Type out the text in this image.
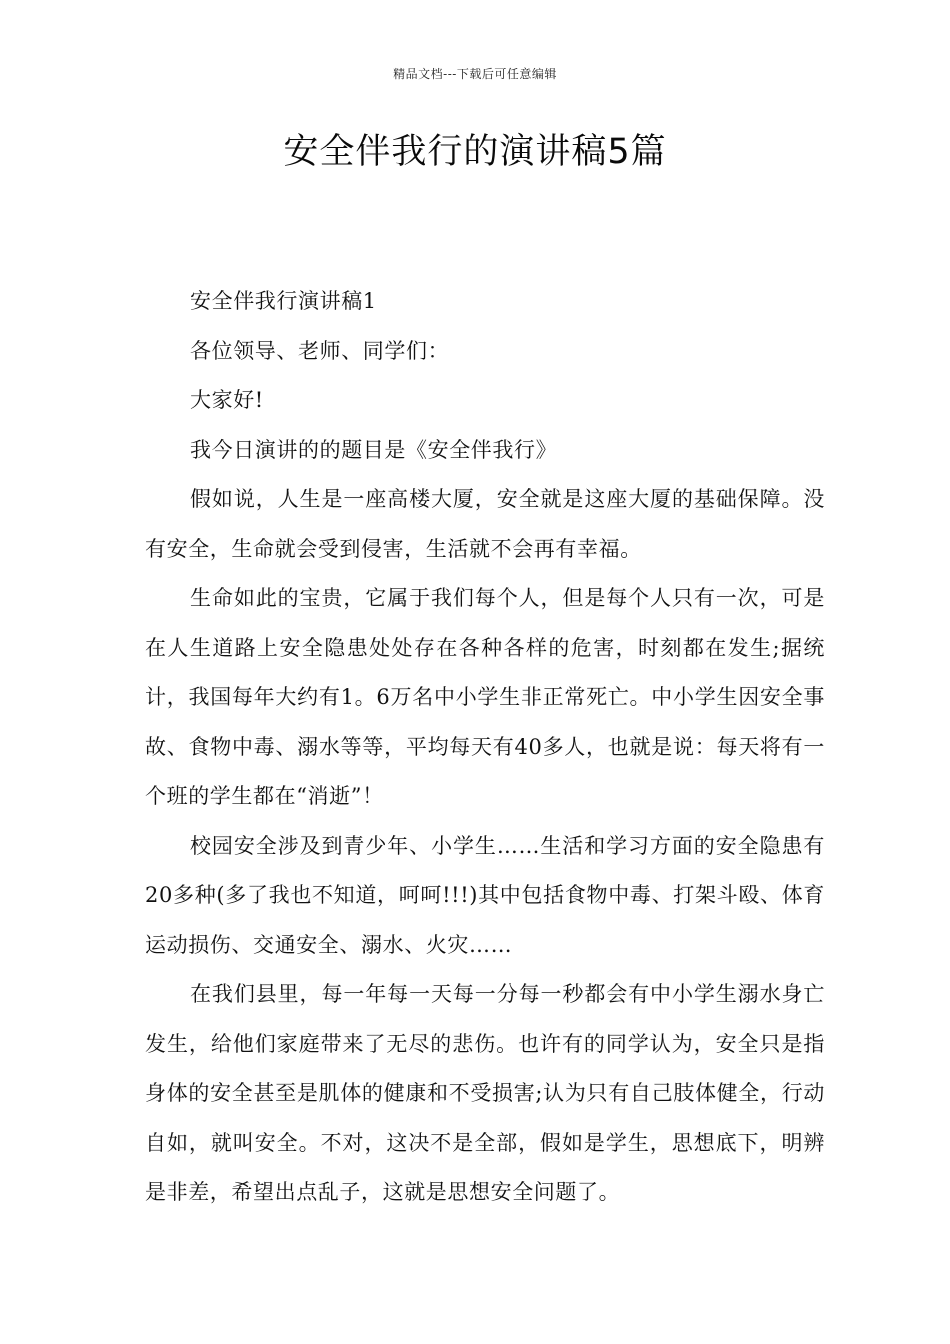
精品文档---下载后可任意编辑
安全伴我行的演讲稿5篇

安全伴我行演讲稿1

各位领导、老师、同学们：

大家好!

我今日演讲的的题目是《安全伴我行》

假如说，人生是一座高楼大厦，安全就是这座大厦的基础保障。没有安全，生命就会受到侵害，生活就不会再有幸福。

生命如此的宝贵，它属于我们每个人，但是每个人只有一次，可是在人生道路上安全隐患处处存在各种各样的危害，时刻都在发生;据统计，我国每年大约有1。6万名中小学生非正常死亡。中小学生因安全事故、食物中毒、溺水等等，平均每天有40多人，也就是说：每天将有一个班的学生都在“消逝”！

校园安全涉及到青少年、小学生……生活和学习方面的安全隐患有20多种(多了我也不知道，呵呵!!!)其中包括食物中毒、打架斗殴、体育运动损伤、交通安全、溺水、火灾……

在我们县里，每一年每一天每一分每一秒都会有中小学生溺水身亡发生，给他们家庭带来了无尽的悲伤。也许有的同学认为，安全只是指身体的安全甚至是肌体的健康和不受损害;认为只有自己肢体健全，行动自如，就叫安全。不对，这决不是全部，假如是学生，思想底下，明辨是非差，希望出点乱子，这就是思想安全问题了。
